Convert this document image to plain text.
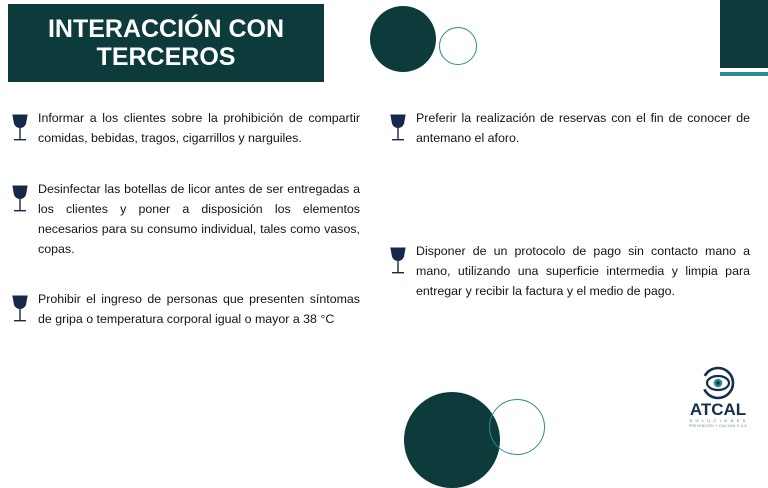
INTERACCIÓN CON TERCEROS
Informar a los clientes sobre la prohibición de compartir comidas, bebidas, tragos, cigarrillos y narguiles.
Desinfectar las botellas de licor antes de ser entregadas a los clientes y poner a disposición los elementos necesarios para su consumo individual, tales como vasos, copas.
Prohibir el ingreso de personas que presenten síntomas de gripa o temperatura corporal igual o mayor a 38 °C
Preferir la realización de reservas con el fin de conocer de antemano el aforo.
Disponer de un protocolo de pago sin contacto mano a mano, utilizando una superficie intermedia y limpia para entregar y recibir la factura y el medio de pago.
ATCAL
S O L U C I O N E S
PREVENCIÓN Y CALIDAD S.A.S
